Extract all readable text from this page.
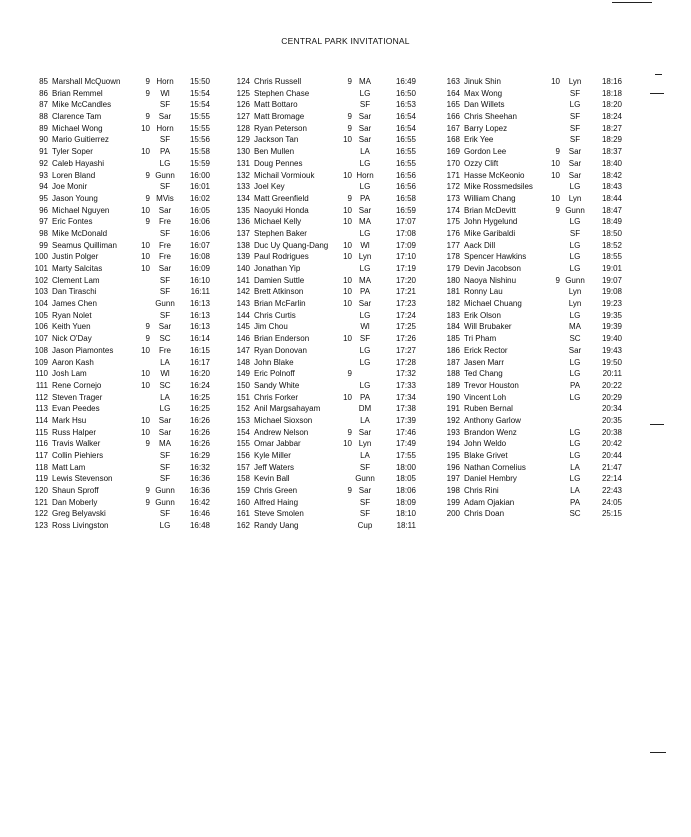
CENTRAL PARK INVITATIONAL
85 Marshall McQuown	9 Horn	15:50
86 Brian Remmel	9	Wl	15:54
87 Mike McCandles	SF	15:54
88 Clarence Tam	9	Sar	15:55
89 Michael Wong	10 Horn	15:55
90 Mario Guitierrez	SF	15:56
91 Tyler Soper	10	PA	15:58
92 Caleb Hayashi	LG	15:59
93 Loren Bland	9 Gunn	16:00
94 Joe Monir	SF	16:01
95 Jason Young	9 MVis	16:02
96 Michael Nguyen	10	Sar	16:05
97 Eric Fontes	9	Fre	16:06
98 Mike McDonald	SF	16:06
99 Seamus Quilliman	10	Fre	16:07
100 Justin Polger	10	Fre	16:08
101 Marty Salcitas	10	Sar	16:09
102 Clement Lam	SF	16:10
103 Dan Tiraschi	SF	16:11
104 James Chen	Gunn	16:13
105 Ryan Nolet	SF	16:13
106 Keith Yuen	9	Sar	16:13
107 Nick O'Day	9	SC	16:14
108 Jason Piamontes	10	Fre	16:15
109 Aaron Kash	LA	16:17
110 Josh Lam	10	Wl	16:20
111 Rene Cornejo	10	SC	16:24
112 Steven Trager	LA	16:25
113 Evan Peedes	LG	16:25
114 Mark Hsu	10	Sar	16:26
115 Russ Halper	10	Sar	16:26
116 Travis Walker	9	MA	16:26
117 Collin Piehiers	SF	16:29
118 Matt Lam	SF	16:32
119 Lewis Stevenson	SF	16:36
120 Shaun Sproff	9 Gunn	16:36
121 Dan Moberly	9 Gunn	16:42
122 Greg Belyavski	SF	16:46
123 Ross Livingston	LG	16:48
124 Chris Russell	9 MA	16:49
125 Stephen Chase	LG	16:50
126 Matt Bottaro	SF	16:53
127 Matt Bromage	9 Sar	16:54
128 Ryan Peterson	9 Sar	16:54
129 Jackson Tan	10 Sar	16:55
130 Ben Mullen	LA	16:55
131 Doug Pennes	LG	16:55
132 Michail Vormiouk	10 Horn	16:56
133 Joel Key	LG	16:56
134 Matt Greenfield	9 PA	16:58
135 Naoyuki Honda	10 Sar	16:59
136 Michael Kelly	10 MA	17:07
137 Stephen Baker	LG	17:08
138 Duc Uy Quang-Dang	10	Wl	17:09
139 Paul Rodrigues	10 Lyn	17:10
140 Jonathan Yip	LG	17:19
141 Damien Suttle	10 MA	17:20
142 Brett Atkinson	10 PA	17:21
143 Brian McFarlin	10 Sar	17:23
144 Chris Curtis	LG	17:24
145 Jim Chou	Wl	17:25
146 Brian Enderson	10 SF	17:26
147 Ryan Donovan	LG	17:27
148 John Blake	LG	17:28
149 Eric Polnoff	9	17:32
150 Sandy White	LG	17:33
151 Chris Forker	10 PA	17:34
152 Anil Margsahayam	DM	17:38
153 Michael Sioxson	LA	17:39
154 Andrew Nelson	9 Sar	17:46
155 Omar Jabbar	10 Lyn	17:49
156 Kyle Miller	LA	17:55
157 Jeff Waters	SF	18:00
158 Kevin Ball	Gunn	18:05
159 Chris Green	9 Sar	18:06
160 Alfred Haing	SF	18:09
161 Steve Smolen	SF	18:10
162 Randy Uang	Cup	18:11
163 Jinuk Shin	10	Lyn	18:16
164 Max Wong	SF	18:18
165 Dan Willets	LG	18:20
166 Chris Sheehan	SF	18:24
167 Barry Lopez	SF	18:27
168 Erik Yee	SF	18:29
169 Gordon Lee	9	Sar	18:37
170 Ozzy Clift	10	Sar	18:40
171 Hasse McKeonio	10	Sar	18:42
172 Mike Rossmedsiles	LG	18:43
173 William Chang	10	Lyn	18:44
174 Brian McDevitt	9 Gunn	18:47
175 John Hygelund	LG	18:49
176 Mike Garibaldi	SF	18:50
177 Aack Dill	LG	18:52
178 Spencer Hawkins	LG	18:55
179 Devin Jacobson	LG	19:01
180 Naoya Nishinu	9 Gunn	19:07
181 Ronny Lau	Lyn	19:08
182 Michael Chuang	Lyn	19:23
183 Erik Olson	LG	19:35
184 Will Brubaker	MA	19:39
185 Tri Pham	SC	19:40
186 Erick Rector	Sar	19:43
187 Jasen Marr	LG	19:50
188 Ted Chang	LG	20:11
189 Trevor Houston	PA	20:22
190 Vincent Loh	LG	20:29
191 Ruben Bernal	20:34
192 Anthony Garlow	20:35
193 Brandon Wenz	LG	20:38
194 John Weldo	LG	20:42
195 Blake Grivet	LG	20:44
196 Nathan Cornelius	LA	21:47
197 Daniel Hembry	LG	22:14
198 Chris Rini	LA	22:43
199 Adam Ojakian	PA	24:05
200 Chris Doan	SC	25:15
